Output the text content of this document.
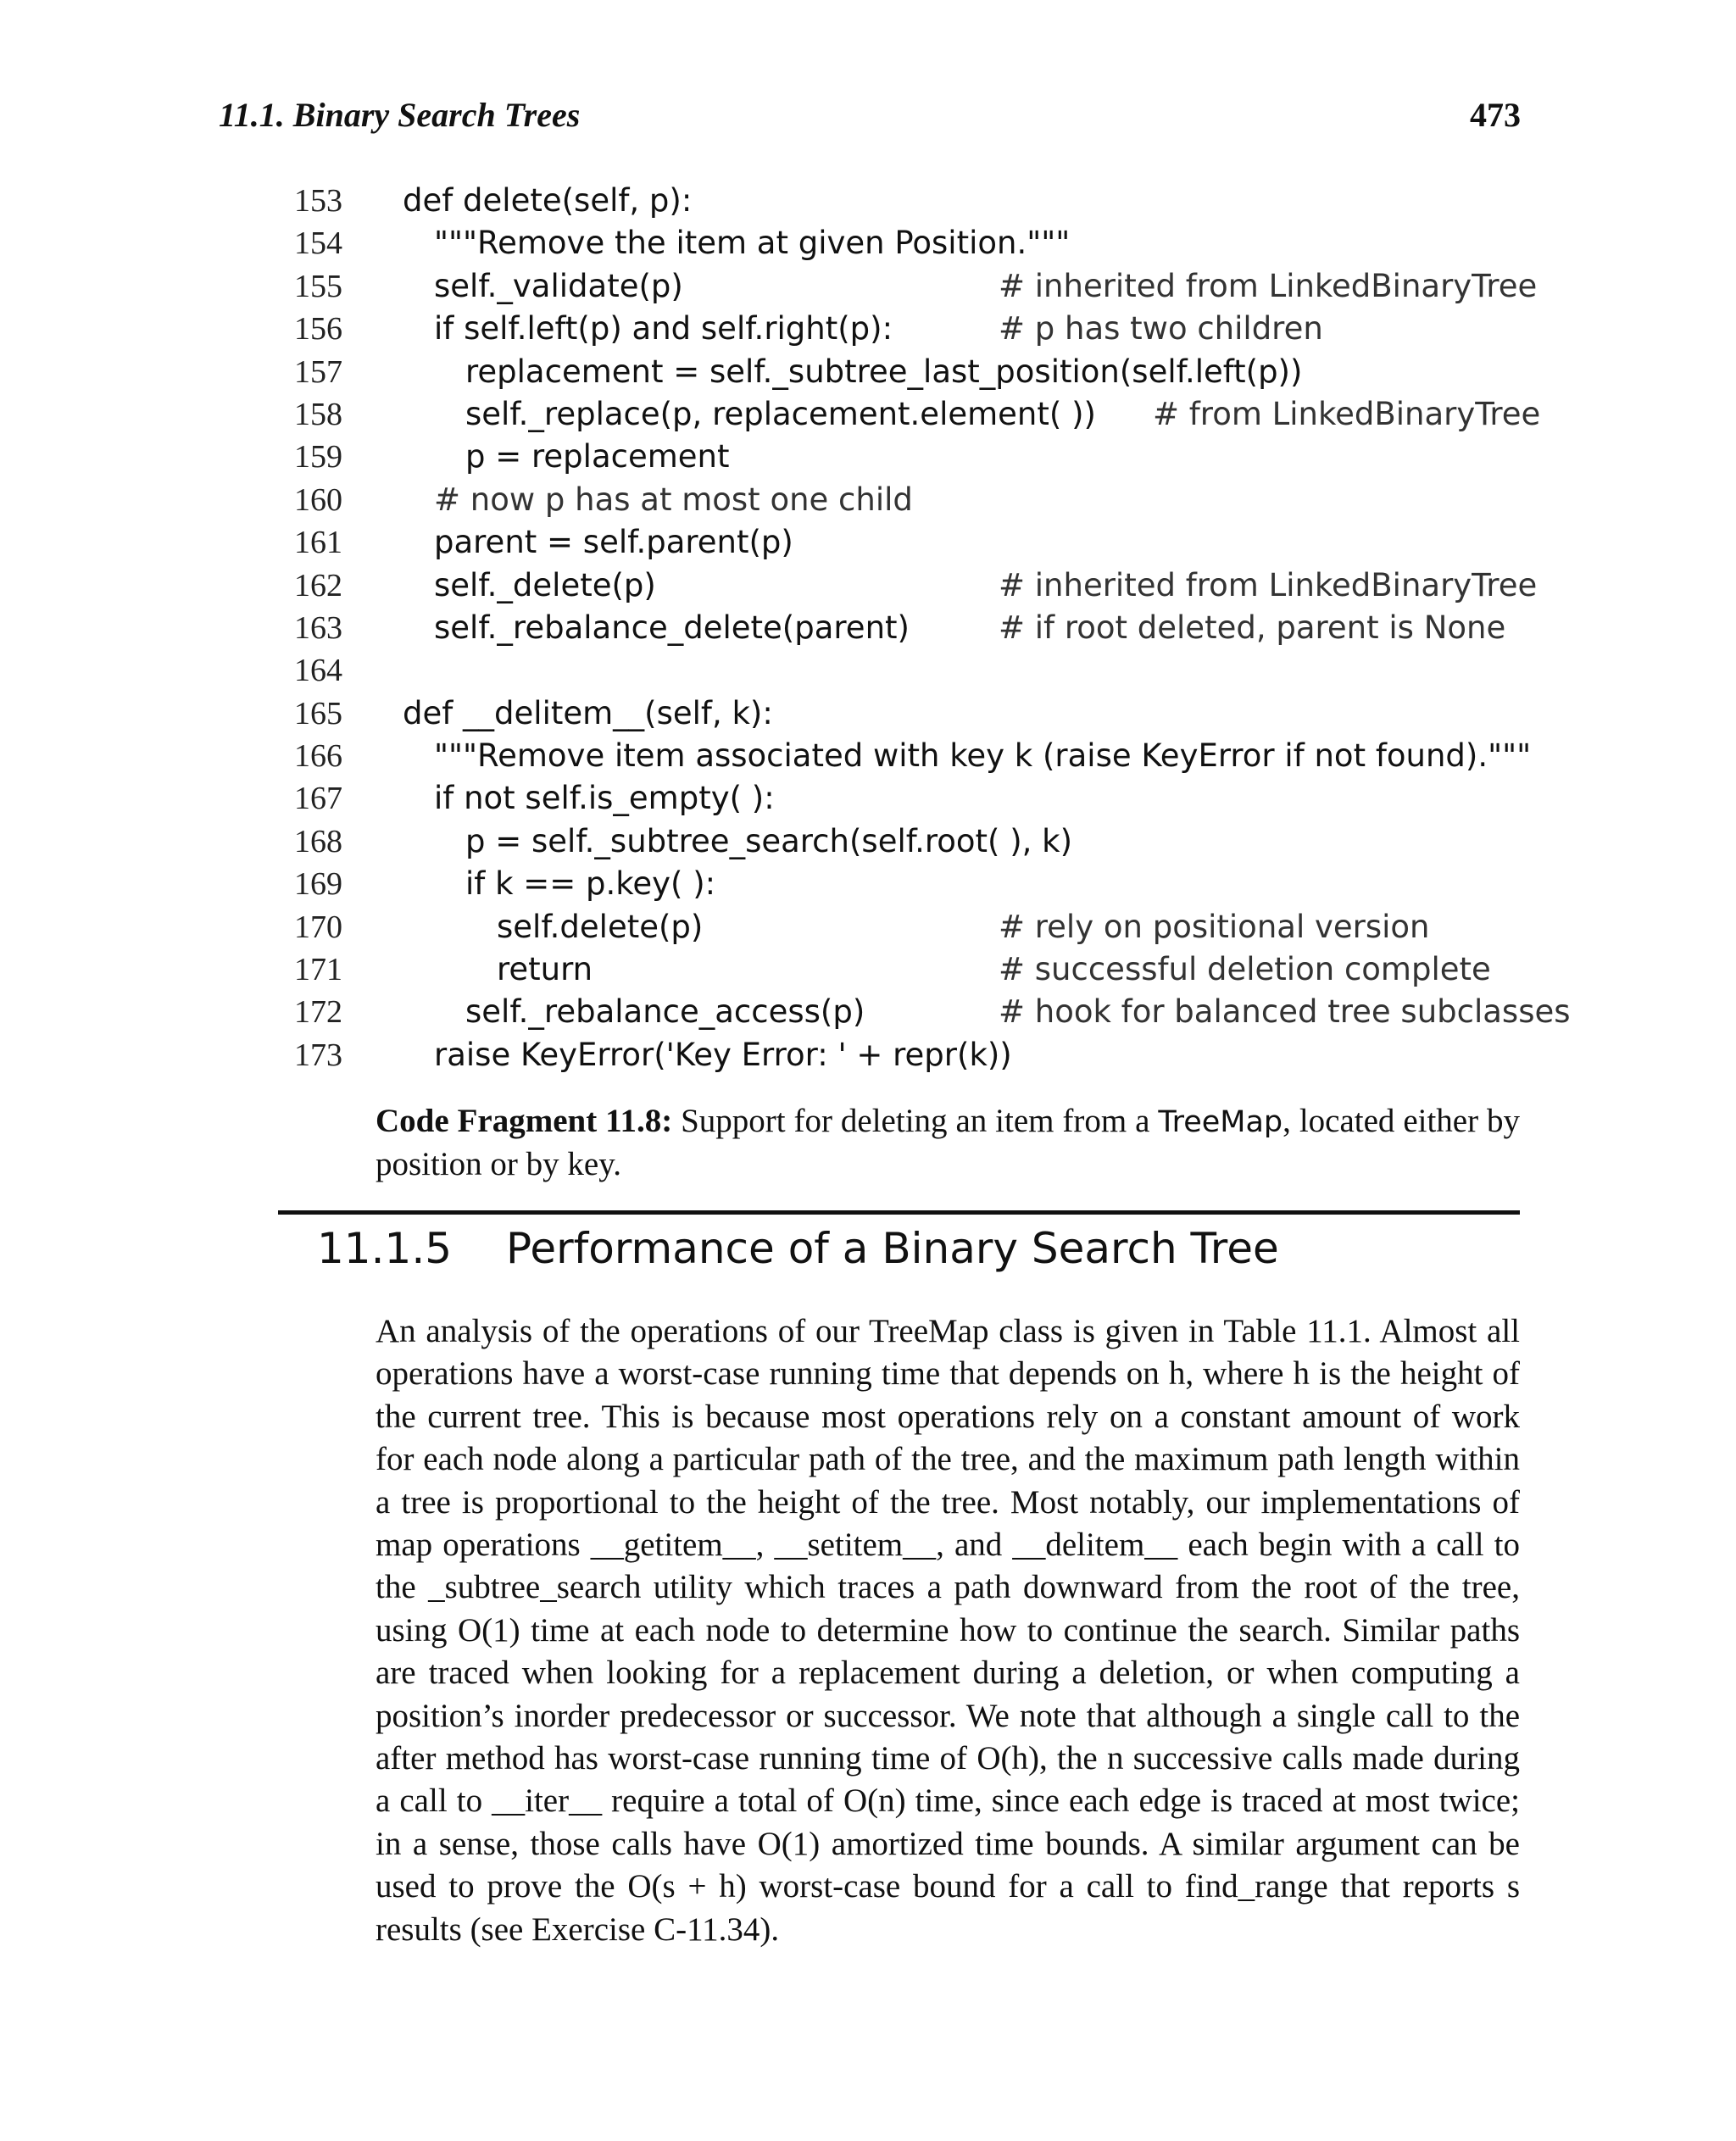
11.1. Binary Search Trees	473
153 def delete(self, p):
154	"""Remove the item at given Position."""
155	self._validate(p)	# inherited from LinkedBinaryTree
156	if self.left(p) and self.right(p):	# p has two children
157	replacement = self._subtree_last_position(self.left(p))
158	self._replace(p, replacement.element( )) # from LinkedBinaryTree
159	p = replacement
160	# now p has at most one child
161	parent = self.parent(p)
162	self._delete(p)	# inherited from LinkedBinaryTree
163	self._rebalance_delete(parent)	# if root deleted, parent is None
164
165 def __delitem__(self, k):
166	"""Remove item associated with key k (raise KeyError if not found)."""
167	if not self.is_empty( ):
168	p = self._subtree_search(self.root( ), k)
169	if k == p.key( ):
170	self.delete(p)	# rely on positional version
171	return	# successful deletion complete
172	self._rebalance_access(p)	# hook for balanced tree subclasses
173	raise KeyError('Key Error: ' + repr(k))
Code Fragment 11.8: Support for deleting an item from a TreeMap, located either by position or by key.
11.1.5 Performance of a Binary Search Tree

An analysis of the operations of our TreeMap class is given in Table 11.1. Almost all operations have a worst-case running time that depends on h, where h is the height of the current tree. This is because most operations rely on a constant amount of work for each node along a particular path of the tree, and the maximum path length within a tree is proportional to the height of the tree. Most notably, our implementations of map operations __getitem__, __setitem__, and __delitem__ each begin with a call to the _subtree_search utility which traces a path downward from the root of the tree, using O(1) time at each node to determine how to continue the search. Similar paths are traced when looking for a replacement during a deletion, or when computing a position’s inorder predecessor or successor. We note that although a single call to the after method has worst-case running time of O(h), the n successive calls made during a call to __iter__ require a total of O(n) time, since each edge is traced at most twice; in a sense, those calls have O(1) amortized time bounds. A similar argument can be used to prove the O(s + h) worst-case bound for a call to find_range that reports s results (see Exercise C-11.34).
